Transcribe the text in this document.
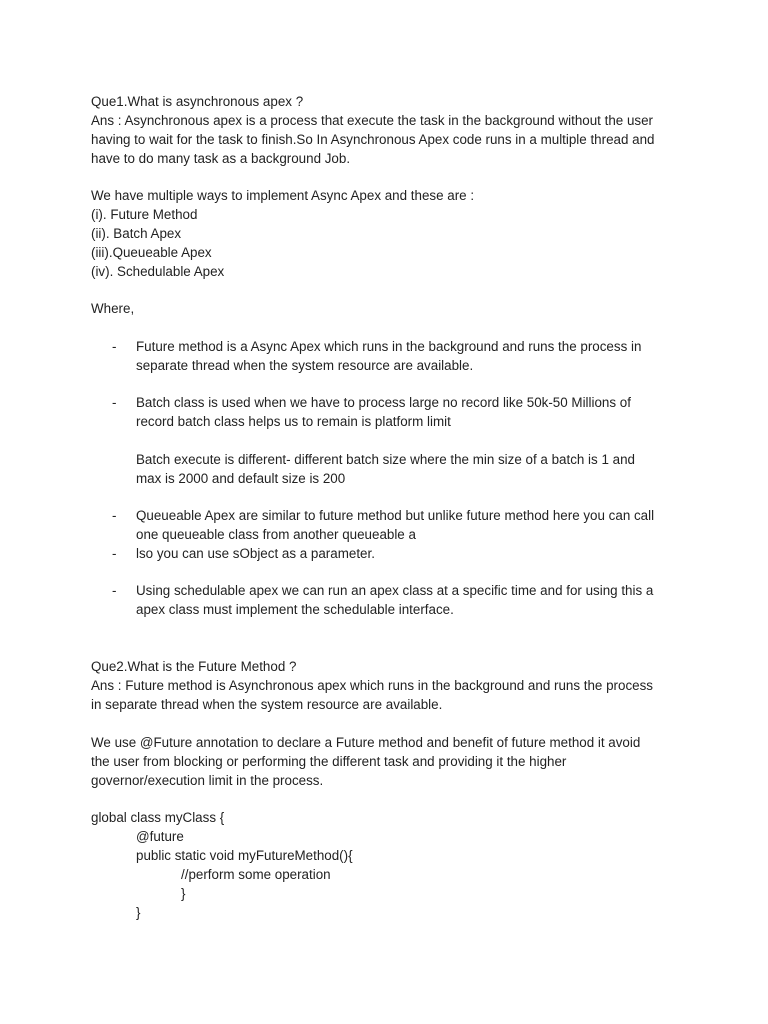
Que1.What is asynchronous apex ?
Ans : Asynchronous apex is a process that execute the task in the background without the user
having to wait for the task to finish.So In Asynchronous Apex code runs in a multiple thread and
have to do many task as a background Job.
We have multiple ways to implement Async Apex and these are :
(i). Future Method
(ii). Batch Apex
(iii).Queueable Apex
(iv). Schedulable Apex
Where,
- Future method is a Async Apex which runs in the background and runs the process in
separate thread when the system resource are available.
- Batch class is used when we have to process large no record like 50k-50 Millions of
record batch class helps us to remain is platform limit
Batch execute is different- different batch size where the min size of a batch is 1 and
max is 2000 and default size is 200
- Queueable Apex are similar to future method but unlike future method here you can call
one queueable class from another queueable a
- lso you can use sObject as a parameter.
- Using schedulable apex we can run an apex class at a specific time and for using this a
apex class must implement the schedulable interface.
Que2.What is the Future Method ?
Ans : Future method is Asynchronous apex which runs in the background and runs the process
in separate thread when the system resource are available.
We use @Future annotation to declare a Future method and benefit of future method it avoid
the user from blocking or performing the different task and providing it the higher
governor/execution limit in the process.
global class myClass {
@future
public static void myFutureMethod(){
//perform some operation
}
}
